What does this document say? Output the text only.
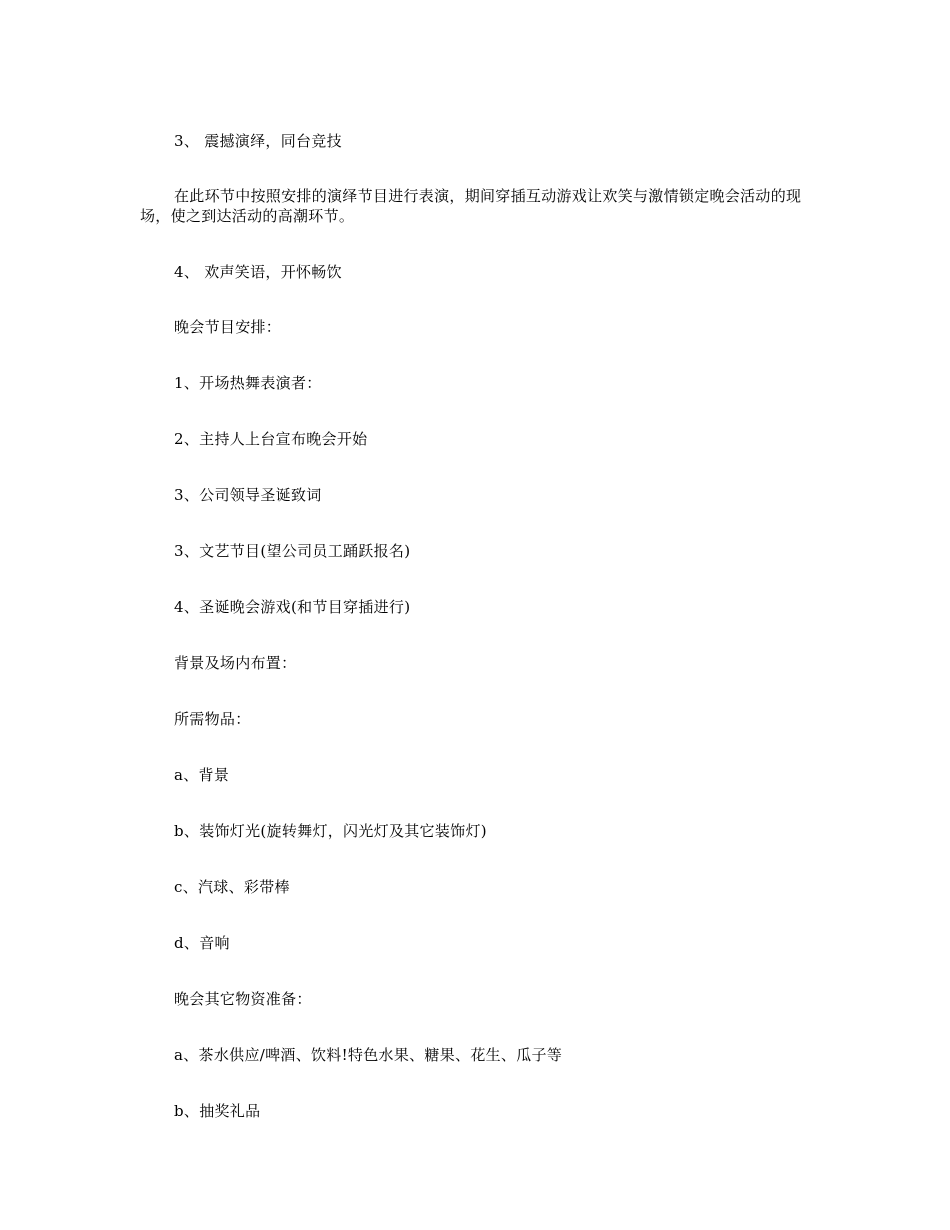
3、 震撼演绎，同台竞技
在此环节中按照安排的演绎节目进行表演，期间穿插互动游戏让欢笑与激情锁定晚会活动的现场，使之到达活动的高潮环节。
4、 欢声笑语，开怀畅饮
晚会节目安排：
1、开场热舞表演者：
2、主持人上台宣布晚会开始
3、公司领导圣诞致词
3、文艺节目(望公司员工踊跃报名)
4、圣诞晚会游戏(和节目穿插进行)
背景及场内布置：
所需物品：
a、背景
b、装饰灯光(旋转舞灯，闪光灯及其它装饰灯)
c、汽球、彩带棒
d、音响
晚会其它物资准备：
a、茶水供应/啤酒、饮料!特色水果、糖果、花生、瓜子等
b、抽奖礼品
